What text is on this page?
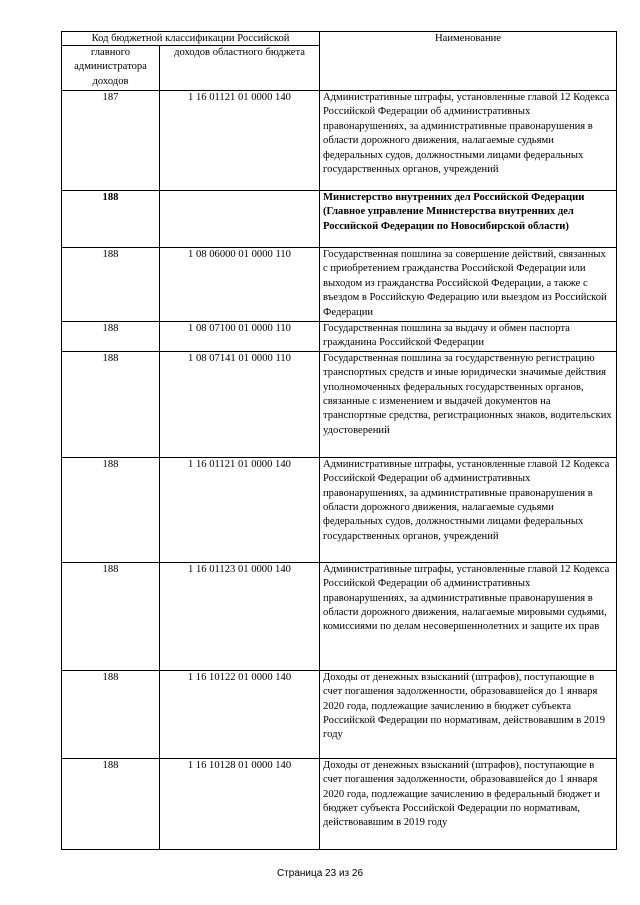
Код бюджетной классификации Российской		Наименование
главного администратора доходов	доходов областного бюджета	
187	1 16 01121 01 0000 140	Административные штрафы, установленные главой 12 Кодекса Российской Федерации об административных правонарушениях, за административные правонарушения в области дорожного движения, налагаемые судьями федеральных судов, должностными лицами федеральных государственных органов, учреждений
188		Министерство внутренних дел Российской Федерации (Главное управление Министерства внутренних дел Российской Федерации по Новосибирской области)
188	1 08 06000 01 0000 110	Государственная пошлина за совершение действий, связанных с приобретением гражданства Российской Федерации или выходом из гражданства Российской Федерации, а также с въездом в Российскую Федерацию или выездом из Российской Федерации
188	1 08 07100 01 0000 110	Государственная пошлина за выдачу и обмен паспорта гражданина Российской Федерации
188	1 08 07141 01 0000 110	Государственная пошлина за государственную регистрацию транспортных средств и иные юридически значимые действия уполномоченных федеральных государственных органов, связанные с изменением и выдачей документов на транспортные средства, регистрационных знаков, водительских удостоверений
188	1 16 01121 01 0000 140	Административные штрафы, установленные главой 12 Кодекса Российской Федерации об административных правонарушениях, за административные правонарушения в области дорожного движения, налагаемые судьями федеральных судов, должностными лицами федеральных государственных органов, учреждений
188	1 16 01123 01 0000 140	Административные штрафы, установленные главой 12 Кодекса Российской Федерации об административных правонарушениях, за административные правонарушения в области дорожного движения, налагаемые мировыми судьями, комиссиями по делам несовершеннолетних и защите их прав
188	1 16 10122 01 0000 140	Доходы от денежных взысканий (штрафов), поступающие в счет погашения задолженности, образовавшейся до 1 января 2020 года, подлежащие зачислению в бюджет субъекта Российской Федерации по нормативам, действовавшим в 2019 году
188	1 16 10128 01 0000 140	Доходы от денежных взысканий (штрафов), поступающие в счет погашения задолженности, образовавшейся до 1 января 2020 года, подлежащие зачислению в федеральный бюджет и бюджет субъекта Российской Федерации по нормативам, действовавшим в 2019 году
Страница 23 из 26
